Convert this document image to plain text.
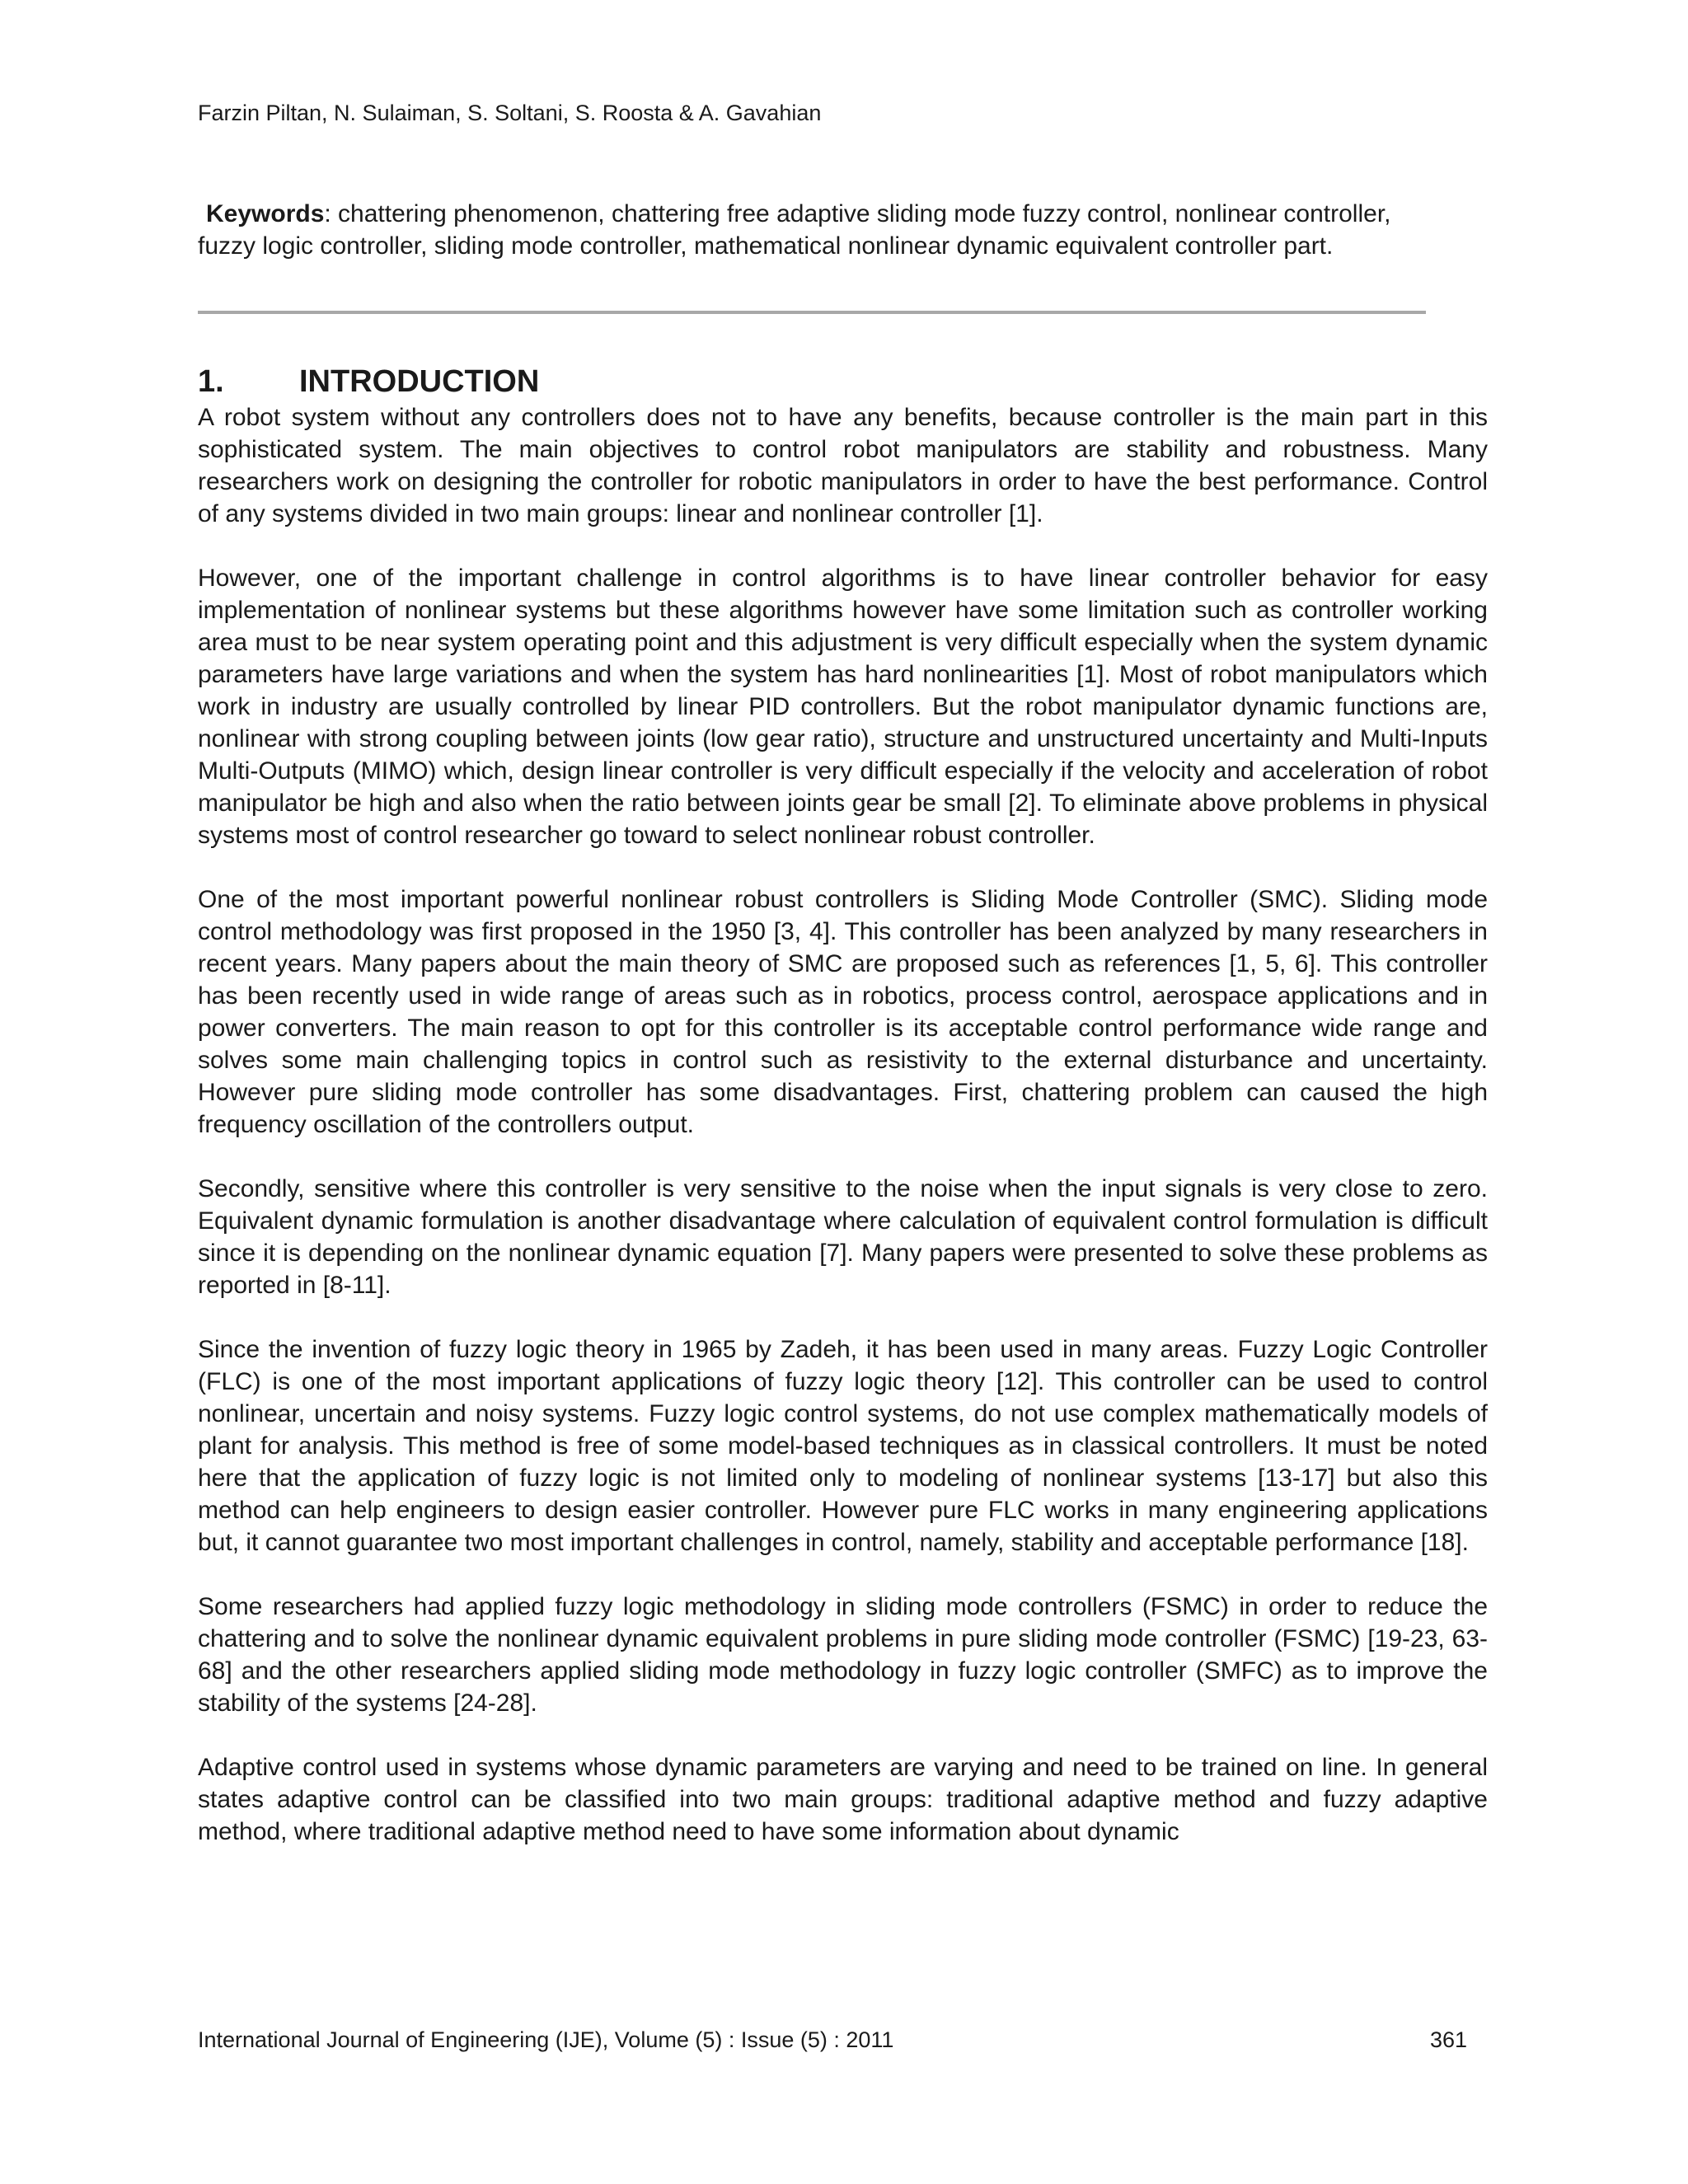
Farzin Piltan, N. Sulaiman, S. Soltani, S. Roosta & A. Gavahian
Keywords: chattering phenomenon, chattering free adaptive sliding mode fuzzy control, nonlinear controller, fuzzy logic controller, sliding mode controller, mathematical nonlinear dynamic equivalent controller part.
1. INTRODUCTION

A robot system without any controllers does not to have any benefits, because controller is the main part in this sophisticated system. The main objectives to control robot manipulators are stability and robustness. Many researchers work on designing the controller for robotic manipulators in order to have the best performance. Control of any systems divided in two main groups: linear and nonlinear controller [1].

However, one of the important challenge in control algorithms is to have linear controller behavior for easy implementation of nonlinear systems but these algorithms however have some limitation such as controller working area must to be near system operating point and this adjustment is very difficult especially when the system dynamic parameters have large variations and when the system has hard nonlinearities [1]. Most of robot manipulators which work in industry are usually controlled by linear PID controllers. But the robot manipulator dynamic functions are, nonlinear with strong coupling between joints (low gear ratio), structure and unstructured uncertainty and Multi-Inputs Multi-Outputs (MIMO) which, design linear controller is very difficult especially if the velocity and acceleration of robot manipulator be high and also when the ratio between joints gear be small [2]. To eliminate above problems in physical systems most of control researcher go toward to select nonlinear robust controller.

One of the most important powerful nonlinear robust controllers is Sliding Mode Controller (SMC). Sliding mode control methodology was first proposed in the 1950 [3, 4]. This controller has been analyzed by many researchers in recent years. Many papers about the main theory of SMC are proposed such as references [1, 5, 6]. This controller has been recently used in wide range of areas such as in robotics, process control, aerospace applications and in power converters. The main reason to opt for this controller is its acceptable control performance wide range and solves some main challenging topics in control such as resistivity to the external disturbance and uncertainty. However pure sliding mode controller has some disadvantages. First, chattering problem can caused the high frequency oscillation of the controllers output.

Secondly, sensitive where this controller is very sensitive to the noise when the input signals is very close to zero. Equivalent dynamic formulation is another disadvantage where calculation of equivalent control formulation is difficult since it is depending on the nonlinear dynamic equation [7]. Many papers were presented to solve these problems as reported in [8-11].

Since the invention of fuzzy logic theory in 1965 by Zadeh, it has been used in many areas. Fuzzy Logic Controller (FLC) is one of the most important applications of fuzzy logic theory [12]. This controller can be used to control nonlinear, uncertain and noisy systems. Fuzzy logic control systems, do not use complex mathematically models of plant for analysis. This method is free of some model-based techniques as in classical controllers. It must be noted here that the application of fuzzy logic is not limited only to modeling of nonlinear systems [13-17] but also this method can help engineers to design easier controller. However pure FLC works in many engineering applications but, it cannot guarantee two most important challenges in control, namely, stability and acceptable performance [18].

Some researchers had applied fuzzy logic methodology in sliding mode controllers (FSMC) in order to reduce the chattering and to solve the nonlinear dynamic equivalent problems in pure sliding mode controller (FSMC) [19-23, 63-68] and the other researchers applied sliding mode methodology in fuzzy logic controller (SMFC) as to improve the stability of the systems [24-28].

Adaptive control used in systems whose dynamic parameters are varying and need to be trained on line. In general states adaptive control can be classified into two main groups: traditional adaptive method and fuzzy adaptive method, where traditional adaptive method need to have some information about dynamic

International Journal of Engineering (IJE), Volume (5) : Issue (5) : 2011	361
